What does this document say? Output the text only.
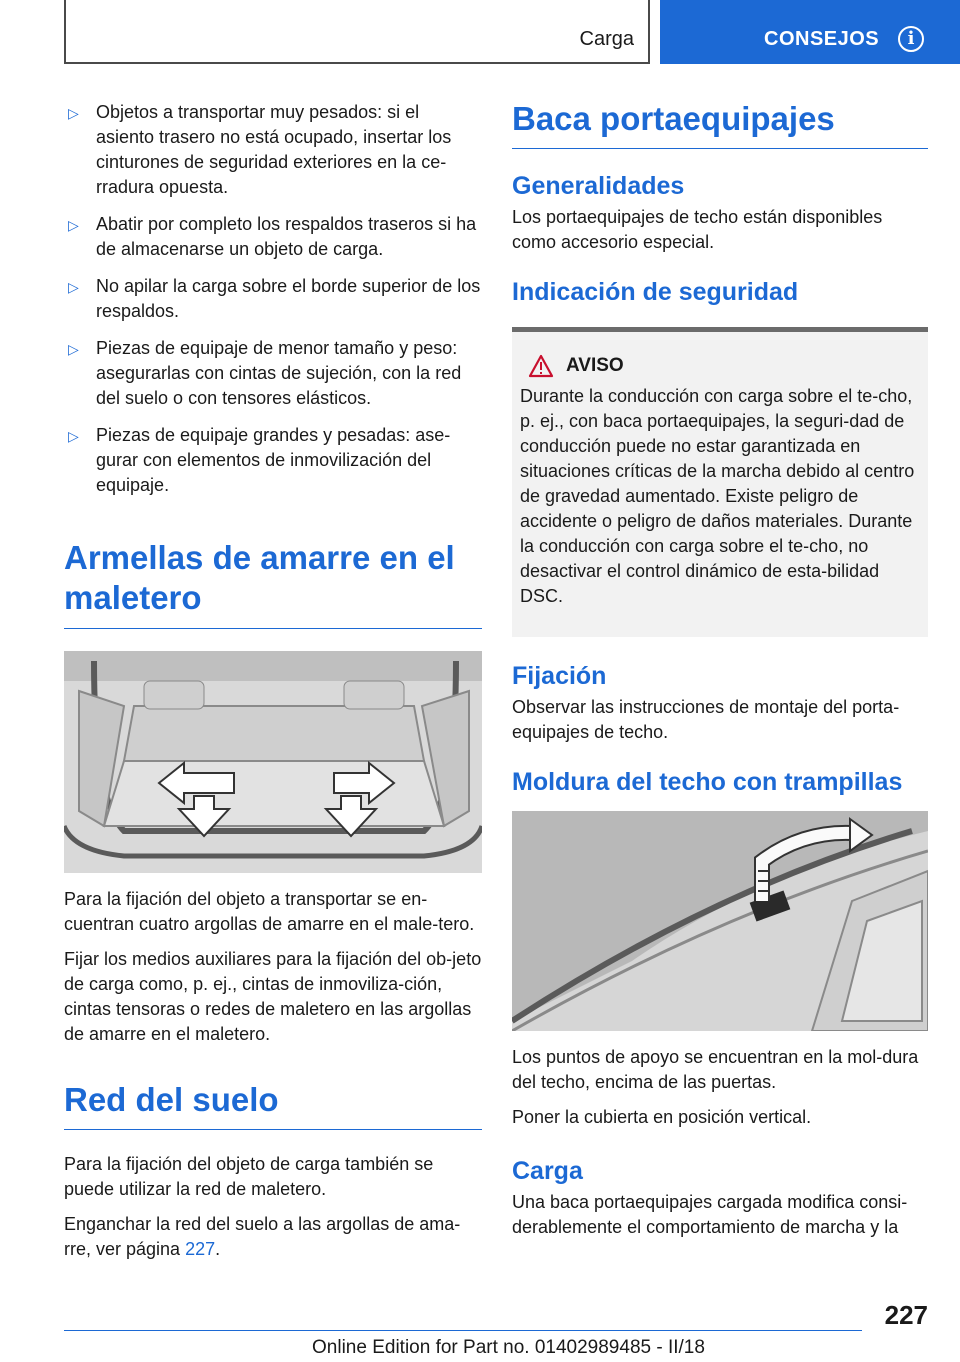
Carga	CONSEJOS	i
▷ Objetos a transportar muy pesados: si el asiento trasero no está ocupado, insertar los cinturones de seguridad exteriores en la ce-rradura opuesta.
▷ Abatir por completo los respaldos traseros si ha de almacenarse un objeto de carga.
▷ No apilar la carga sobre el borde superior de los respaldos.
▷ Piezas de equipaje de menor tamaño y peso: asegurarlas con cintas de sujeción, con la red del suelo o con tensores elásticos.
▷ Piezas de equipaje grandes y pesadas: ase-gurar con elementos de inmovilización del equipaje.
Armellas de amarre en el maletero

Para la fijación del objeto a transportar se en-cuentran cuatro argollas de amarre en el male-tero.

Fijar los medios auxiliares para la fijación del ob-jeto de carga como, p. ej., cintas de inmoviliza-ción, cintas tensoras o redes de maletero en las argollas de amarre en el maletero.

Red del suelo

Para la fijación del objeto de carga también se puede utilizar la red de maletero.

Enganchar la red del suelo a las argollas de ama-rre, ver página 227.

Baca portaequipajes
Generalidades

Los portaequipajes de techo están disponibles como accesorio especial.

Indicación de seguridad
AVISO

Durante la conducción con carga sobre el te-cho, p. ej., con baca portaequipajes, la seguri-dad de conducción puede no estar garantizada en situaciones críticas de la marcha debido al centro de gravedad aumentado. Existe peligro de accidente o peligro de daños materiales. Durante la conducción con carga sobre el te-cho, no desactivar el control dinámico de esta-bilidad DSC.

Fijación

Observar las instrucciones de montaje del porta-equipajes de techo.

Moldura del techo con trampillas

Los puntos de apoyo se encuentran en la mol-dura del techo, encima de las puertas.

Poner la cubierta en posición vertical.

Carga

Una baca portaequipajes cargada modifica consi-derablemente el comportamiento de marcha y la

227
Online Edition for Part no. 01402989485 - II/18
